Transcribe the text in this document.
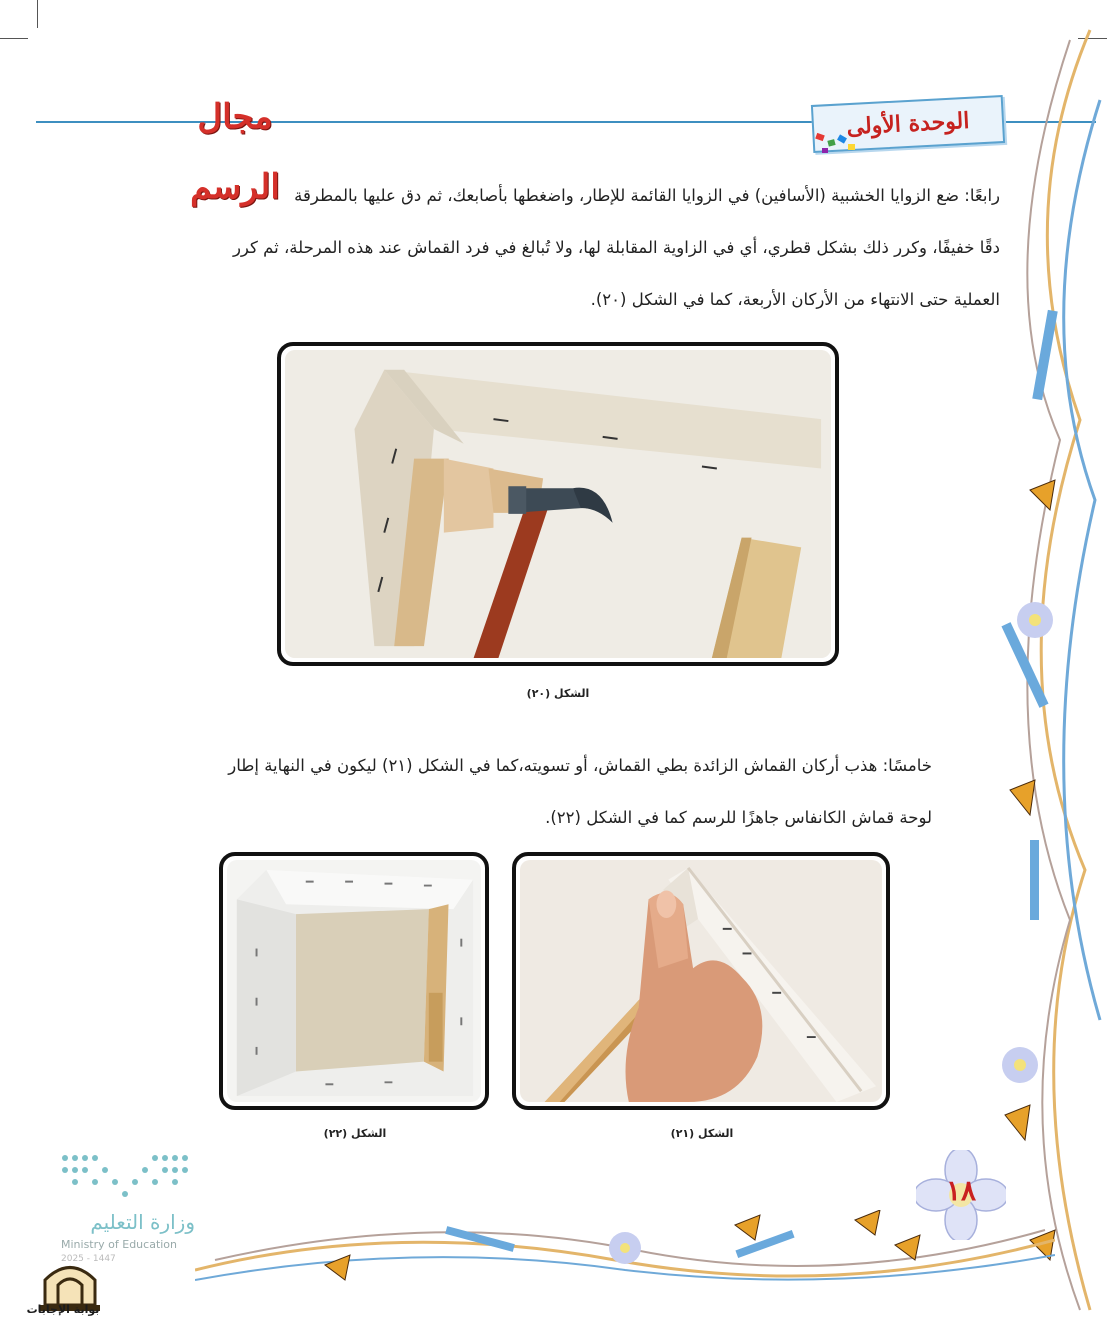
مجال الرسم
الوحدة الأولى

رابعًا: ضع الزوايا الخشبية (الأسافين) في الزوايا القائمة للإطار، واضغطها بأصابعك، ثم دق عليها بالمطرقة

دقًا خفيفًا، وكرر ذلك بشكل قطري، أي في الزاوية المقابلة لها، ولا تُبالغ في فرد القماش عند هذه المرحلة، ثم كرر

العملية حتى الانتهاء من الأركان الأربعة، كما في الشكل (٢٠).

الشكل (٢٠)

خامسًا: هذب أركان القماش الزائدة بطي القماش، أو تسويته،كما في الشكل (٢١) ليكون في النهاية إطار

لوحة قماش الكانفاس جاهزًا للرسم كما في الشكل (٢٢).

الشكل (٢٢)	الشكل (٢١)
١٨
وزارة التعليم
Ministry of Education
2025 - 1447
بوابة الإجابات
